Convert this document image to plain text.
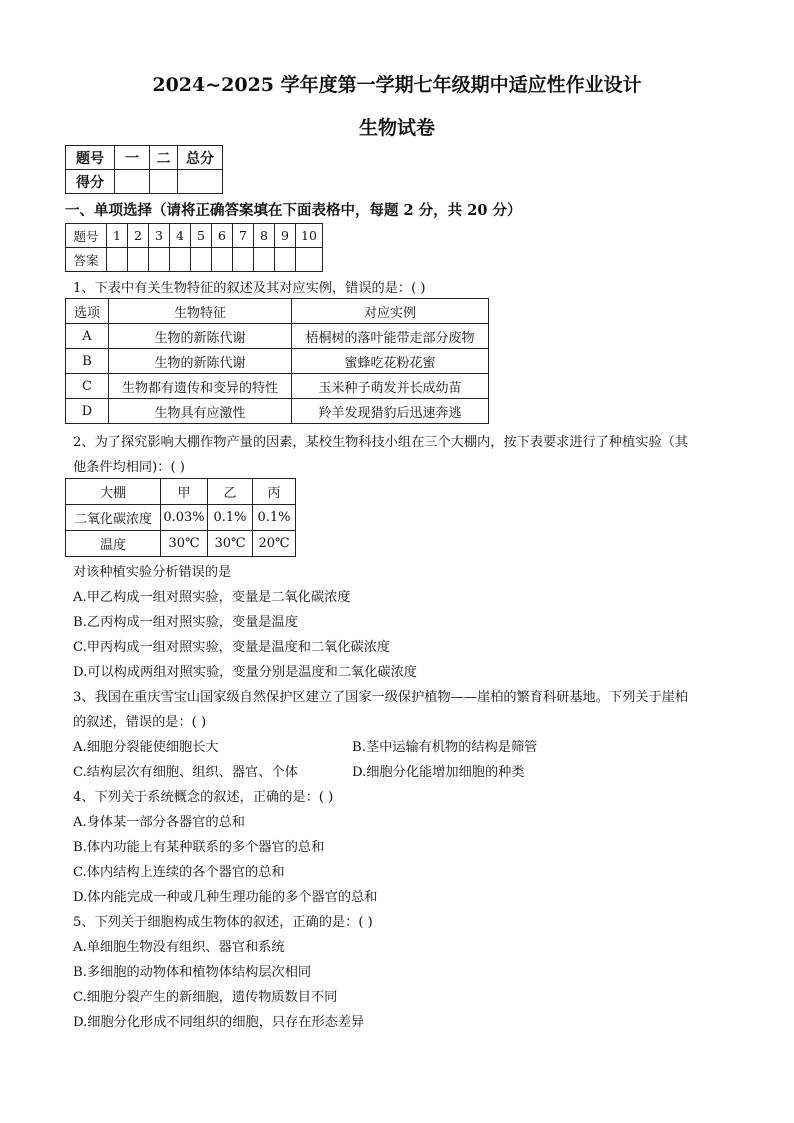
2024~2025 学年度第一学期七年级期中适应性作业设计
生物试卷
题号	一	二	总分
得分			
一、单项选择（请将正确答案填在下面表格中，每题 2 分，共 20 分）
题号	1	2	3	4	5	6	7	8	9	10
答案										
1、下表中有关生物特征的叙述及其对应实例，错误的是：( )
选项	生物特征	对应实例
A	生物的新陈代谢	梧桐树的落叶能带走部分废物
B	生物的新陈代谢	蜜蜂吃花粉花蜜
C	生物都有遗传和变异的特性	玉米种子萌发并长成幼苗
D	生物具有应激性	羚羊发现猎豹后迅速奔逃
2、为了探究影响大棚作物产量的因素，某校生物科技小组在三个大棚内，按下表要求进行了种植实验（其
他条件均相同)：( )
大棚	甲	乙	丙
二氧化碳浓度	0.03%	0.1%	0.1%
温度	30℃	30℃	20℃
对该种植实验分析错误的是
A.甲乙构成一组对照实验，变量是二氧化碳浓度
B.乙丙构成一组对照实验，变量是温度
C.甲丙构成一组对照实验，变量是温度和二氧化碳浓度
D.可以构成两组对照实验，变量分别是温度和二氧化碳浓度
3、我国在重庆雪宝山国家级自然保护区建立了国家一级保护植物——崖柏的繁育科研基地。下列关于崖柏
的叙述，错误的是：( )
A.细胞分裂能使细胞长大	B.茎中运输有机物的结构是筛管
C.结构层次有细胞、组织、器官、个体	D.细胞分化能增加细胞的种类
4、下列关于系统概念的叙述，正确的是：( )
A.身体某一部分各器官的总和
B.体内功能上有某种联系的多个器官的总和
C.体内结构上连续的各个器官的总和
D.体内能完成一种或几种生理功能的多个器官的总和
5、下列关于细胞构成生物体的叙述，正确的是：( )
A.单细胞生物没有组织、器官和系统
B.多细胞的动物体和植物体结构层次相同
C.细胞分裂产生的新细胞，遗传物质数目不同
D.细胞分化形成不同组织的细胞，只存在形态差异
